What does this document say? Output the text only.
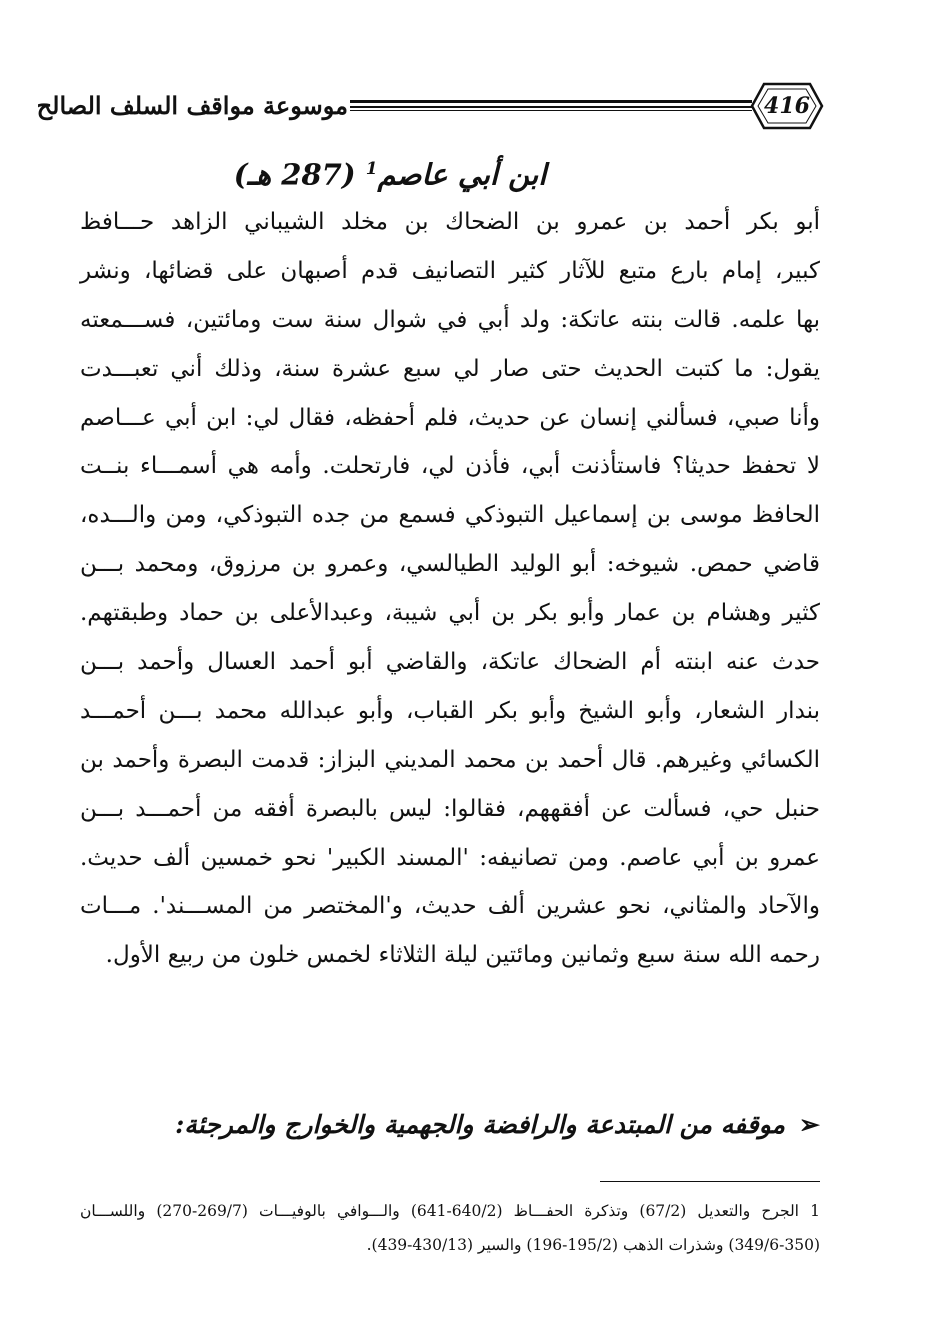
موسوعة مواقف السلف الصالح	416
ابن أبي عاصم$^1$ (287 هـ)
أبو بكر أحمد بن عمرو بن الضحاك بن مخلد الشيباني الزاهد حـــافظ
كبير، إمام بارع متبع للآثار كثير التصانيف قدم أصبهان على قضائها، ونشر
بها علمه. قالت بنته عاتكة: ولد أبي في شوال سنة ست ومائتين، فســـمعته
يقول: ما كتبت الحديث حتى صار لي سبع عشرة سنة، وذلك أني تعبـــدت
وأنا صبي، فسألني إنسان عن حديث، فلم أحفظه، فقال لي: ابن أبي عـــاصم
لا تحفظ حديثا؟ فاستأذنت أبي، فأذن لي، فارتحلت. وأمه هي أسمـــاء بنــت
الحافظ موسى بن إسماعيل التبوذكي فسمع من جده التبوذكي، ومن والـــده،
قاضي حمص. شيوخه: أبو الوليد الطيالسي، وعمرو بن مرزوق، ومحمد بـــن
كثير وهشام بن عمار وأبو بكر بن أبي شيبة، وعبدالأعلى بن حماد وطبقتهم.
حدث عنه ابنته أم الضحاك عاتكة، والقاضي أبو أحمد العسال وأحمد بـــن
بندار الشعار، وأبو الشيخ وأبو بكر القباب، وأبو عبدالله محمد بـــن أحمـــد
الكسائي وغيرهم. قال أحمد بن محمد المديني البزاز: قدمت البصرة وأحمد بن
حنبل حي، فسألت عن أفقههم، فقالوا: ليس بالبصرة أفقه من أحمـــد بـــن
عمرو بن أبي عاصم. ومن تصانيفه: 'المسند الكبير' نحو خمسين ألف حديث.
والآحاد والمثاني، نحو عشرين ألف حديث، و'المختصر من المســـند'. مـــات
رحمه الله سنة سبع وثمانين ومائتين ليلة الثلاثاء لخمس خلون من ربيع الأول.
➢موقفه من المبتدعة والرافضة والجهمية والخوارج والمرجئة:
1 الجرح والتعديل (67/2) وتذكرة الحفـــاظ (640/2-641) والـــوافي بالوفيـــات (269/7-270) واللســـان
(349/6-350) وشذرات الذهب (195/2-196) والسير (430/13-439).
